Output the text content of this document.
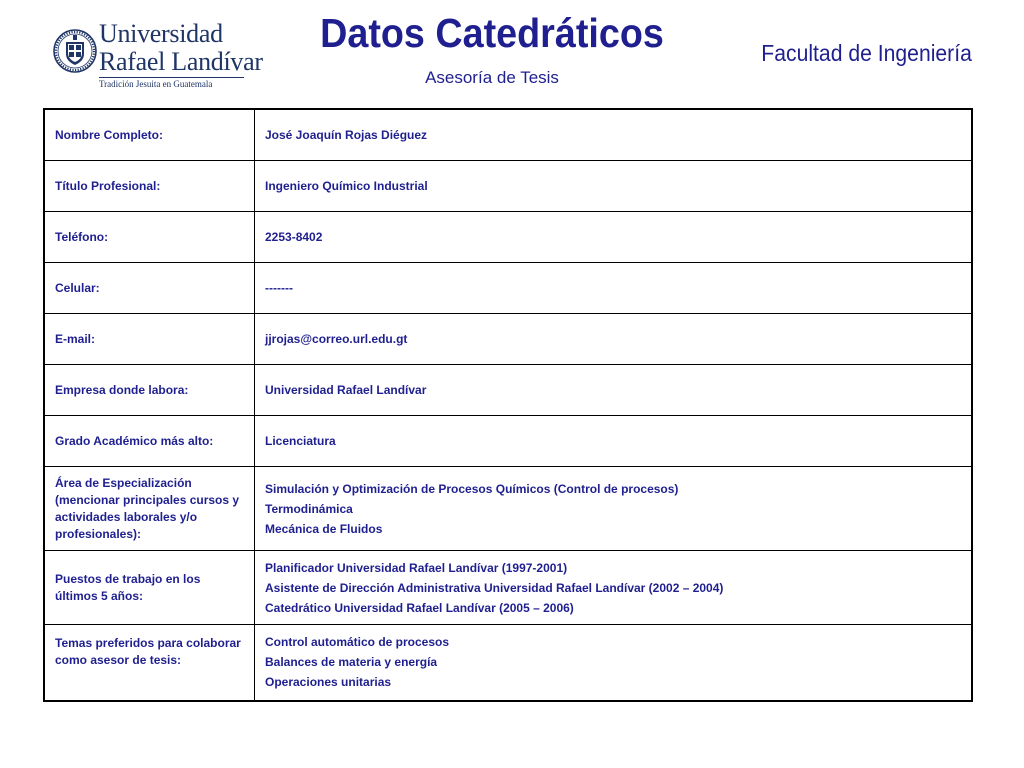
Universidad
Rafael Landívar
Tradición Jesuita en Guatemala
Datos Catedráticos
Asesoría de Tesis
Facultad de Ingeniería
Nombre Completo:	José Joaquín Rojas Diéguez
Título Profesional:	Ingeniero Químico Industrial
Teléfono:	2253-8402
Celular:	-------
E-mail:	jjrojas@correo.url.edu.gt
Empresa donde labora:	Universidad Rafael Landívar
Grado Académico más alto:	Licenciatura
Área de Especialización (mencionar principales cursos y actividades laborales y/o profesionales):	Simulación y Optimización de Procesos Químicos (Control de procesos)
Termodinámica
Mecánica de Fluidos

Puestos de trabajo en los últimos 5 años:	Planificador Universidad Rafael Landívar (1997-2001)
Asistente de Dirección Administrativa Universidad Rafael Landívar (2002 – 2004)
Catedrático Universidad Rafael Landívar (2005 – 2006)

Temas preferidos para colaborar como asesor de tesis:	Control automático de procesos
Balances de materia y energía
Operaciones unitarias
